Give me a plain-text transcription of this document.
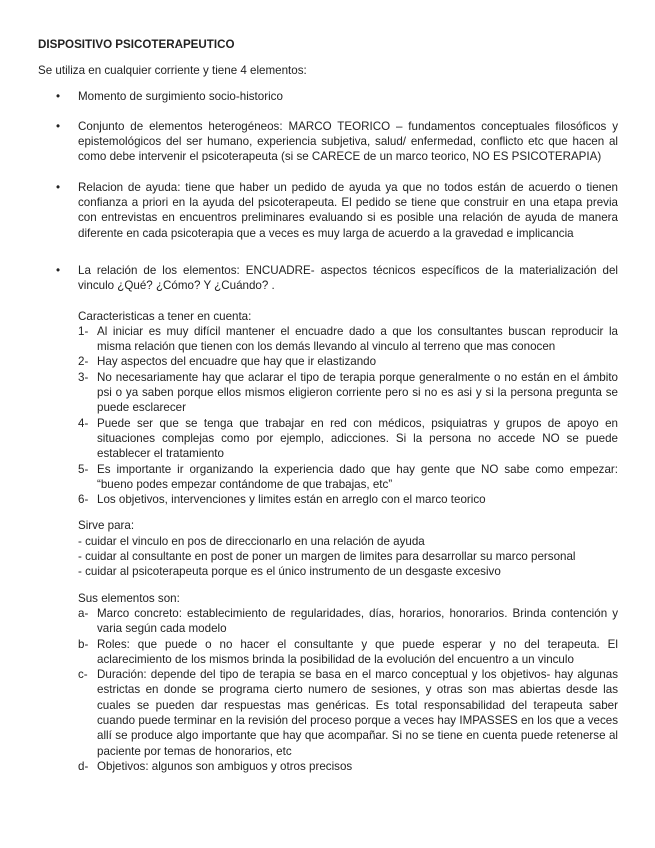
DISPOSITIVO PSICOTERAPEUTICO

Se utiliza en cualquier corriente y tiene 4 elementos:

• Momento de surgimiento socio-historico
• Conjunto de elementos heterogéneos: MARCO TEORICO – fundamentos conceptuales filosóficos y epistemológicos del ser humano, experiencia subjetiva, salud/ enfermedad, conflicto etc que hacen al como debe intervenir el psicoterapeuta (si se CARECE de un marco teorico, NO ES PSICOTERAPIA)
• Relacion de ayuda: tiene que haber un pedido de ayuda ya que no todos están de acuerdo o tienen confianza a priori en la ayuda del psicoterapeuta. El pedido se tiene que construir en una etapa previa con entrevistas en encuentros preliminares evaluando si es posible una relación de ayuda de manera diferente en cada psicoterapia que a veces es muy larga de acuerdo a la gravedad e implicancia
• La relación de los elementos: ENCUADRE- aspectos técnicos específicos de la materialización del vinculo ¿Qué? ¿Cómo? Y ¿Cuándo? .

Caracteristicas a tener en cuenta:

1- Al iniciar es muy difícil mantener el encuadre dado a que los consultantes buscan reproducir la misma relación que tienen con los demás llevando al vinculo al terreno que mas conocen
2- Hay aspectos del encuadre que hay que ir elastizando
3- No necesariamente hay que aclarar el tipo de terapia porque generalmente o no están en el ámbito psi o ya saben porque ellos mismos eligieron corriente pero si no es asi y si la persona pregunta se puede esclarecer
4- Puede ser que se tenga que trabajar en red con médicos, psiquiatras y grupos de apoyo en situaciones complejas como por ejemplo, adicciones. Si la persona no accede NO se puede establecer el tratamiento
5- Es importante ir organizando la experiencia dado que hay gente que NO sabe como empezar: “bueno podes empezar contándome de que trabajas, etc”
6- Los objetivos, intervenciones y limites están en arreglo con el marco teorico

Sirve para:

- cuidar el vinculo en pos de direccionarlo en una relación de ayuda

- cuidar al consultante en post de poner un margen de limites para desarrollar su marco personal

- cuidar al psicoterapeuta porque es el único instrumento de un desgaste excesivo

Sus elementos son:

a- Marco concreto: establecimiento de regularidades, días, horarios, honorarios. Brinda contención y varia según cada modelo
b- Roles: que puede o no hacer el consultante y que puede esperar y no del terapeuta. El aclarecimiento de los mismos brinda la posibilidad de la evolución del encuentro a un vinculo
c- Duración: depende del tipo de terapia se basa en el marco conceptual y los objetivos- hay algunas estrictas en donde se programa cierto numero de sesiones, y otras son mas abiertas desde las cuales se pueden dar respuestas mas genéricas. Es total responsabilidad del terapeuta saber cuando puede terminar en la revisión del proceso porque a veces hay IMPASSES en los que a veces allí se produce algo importante que hay que acompañar. Si no se tiene en cuenta puede retenerse al paciente por temas de honorarios, etc
d- Objetivos: algunos son ambiguos y otros precisos
